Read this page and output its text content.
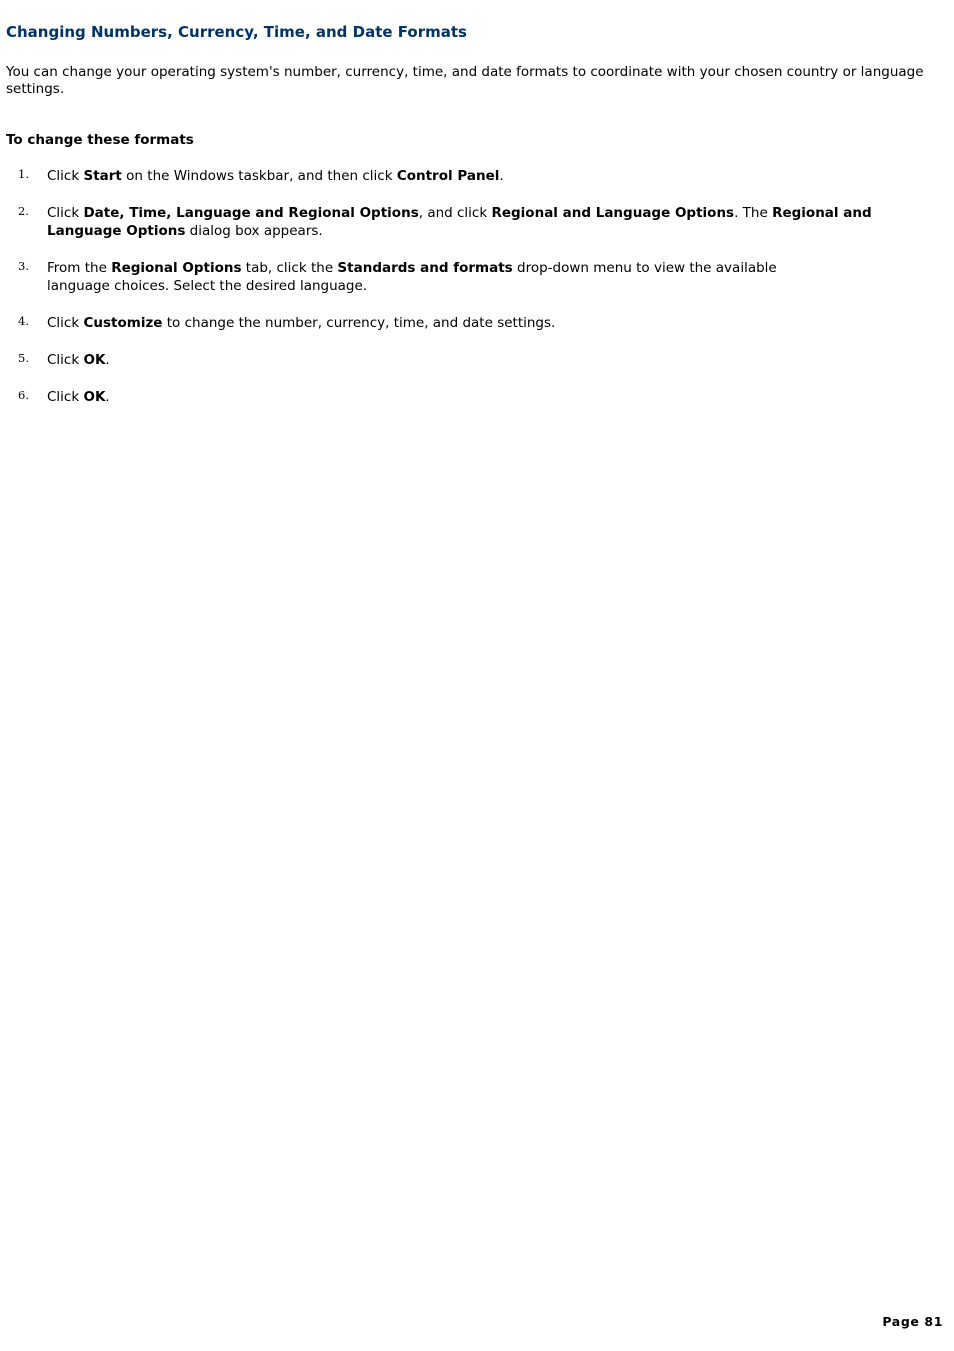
Changing Numbers, Currency, Time, and Date Formats

You can change your operating system's number, currency, time, and date formats to coordinate with your chosen country or language settings.

To change these formats
1. Click Start on the Windows taskbar, and then click Control Panel.
2. Click Date, Time, Language and Regional Options, and click Regional and Language Options. The Regional and Language Options dialog box appears.
3. From the Regional Options tab, click the Standards and formats drop-down menu to view the available
language choices. Select the desired language.
4. Click Customize to change the number, currency, time, and date settings.
5. Click OK.
6. Click OK.
Page 81
